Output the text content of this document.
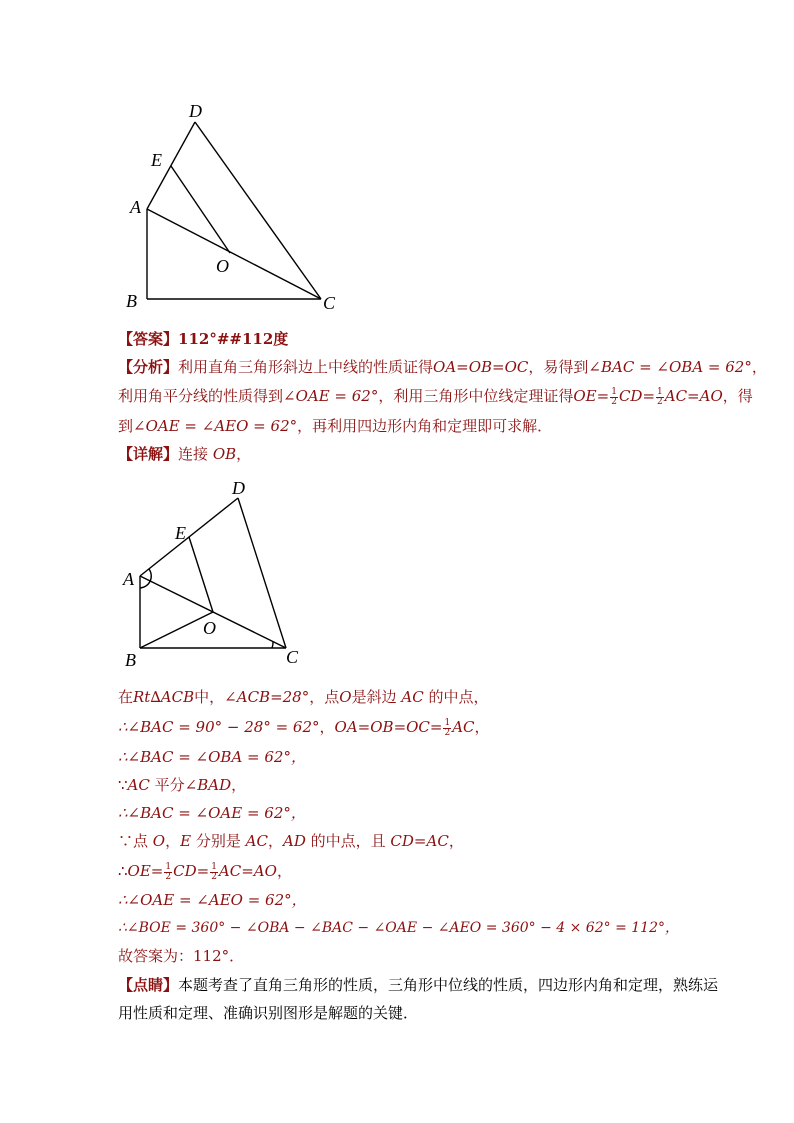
D
E
A
O
B	C
【答案】112°##112度
【分析】利用直角三角形斜边上中线的性质证得OA=OB=OC，易得到∠BAC = ∠OBA = 62°，
利用角平分线的性质得到∠OAE = 62°，利用三角形中位线定理证得$OE= \frac{1}{2} CD= \frac{1}{2} AC=AO$，得
到∠OAE = ∠AEO = 62°，再利用四边形内角和定理即可求解．
【详解】连接 OB，
D
E
A
O
B	C
在Rt∆ACB中，∠ACB=28°，点O是斜边 AC 的中点，
∴∠BAC = 90° − 28° = 62°，$OA=OB=OC= \frac{1}{2}$ AC，
∴∠BAC = ∠OBA = 62°，
∵AC 平分∠BAD，
∴∠BAC = ∠OAE = 62°，
∵点 O，E 分别是 AC，AD 的中点，且 CD=AC，
∴OE= $\frac{1}{2} CD= \frac{1}{2} AC=AO$，
∴∠OAE = ∠AEO = 62°，
∴∠BOE = 360° − ∠OBA − ∠BAC − ∠OAE − ∠AEO = 360° − 4 × 62° = 112°，
故答案为：112°．
【点睛】本题考查了直角三角形的性质，三角形中位线的性质，四边形内角和定理，熟练运
用性质和定理、准确识别图形是解题的关键．
